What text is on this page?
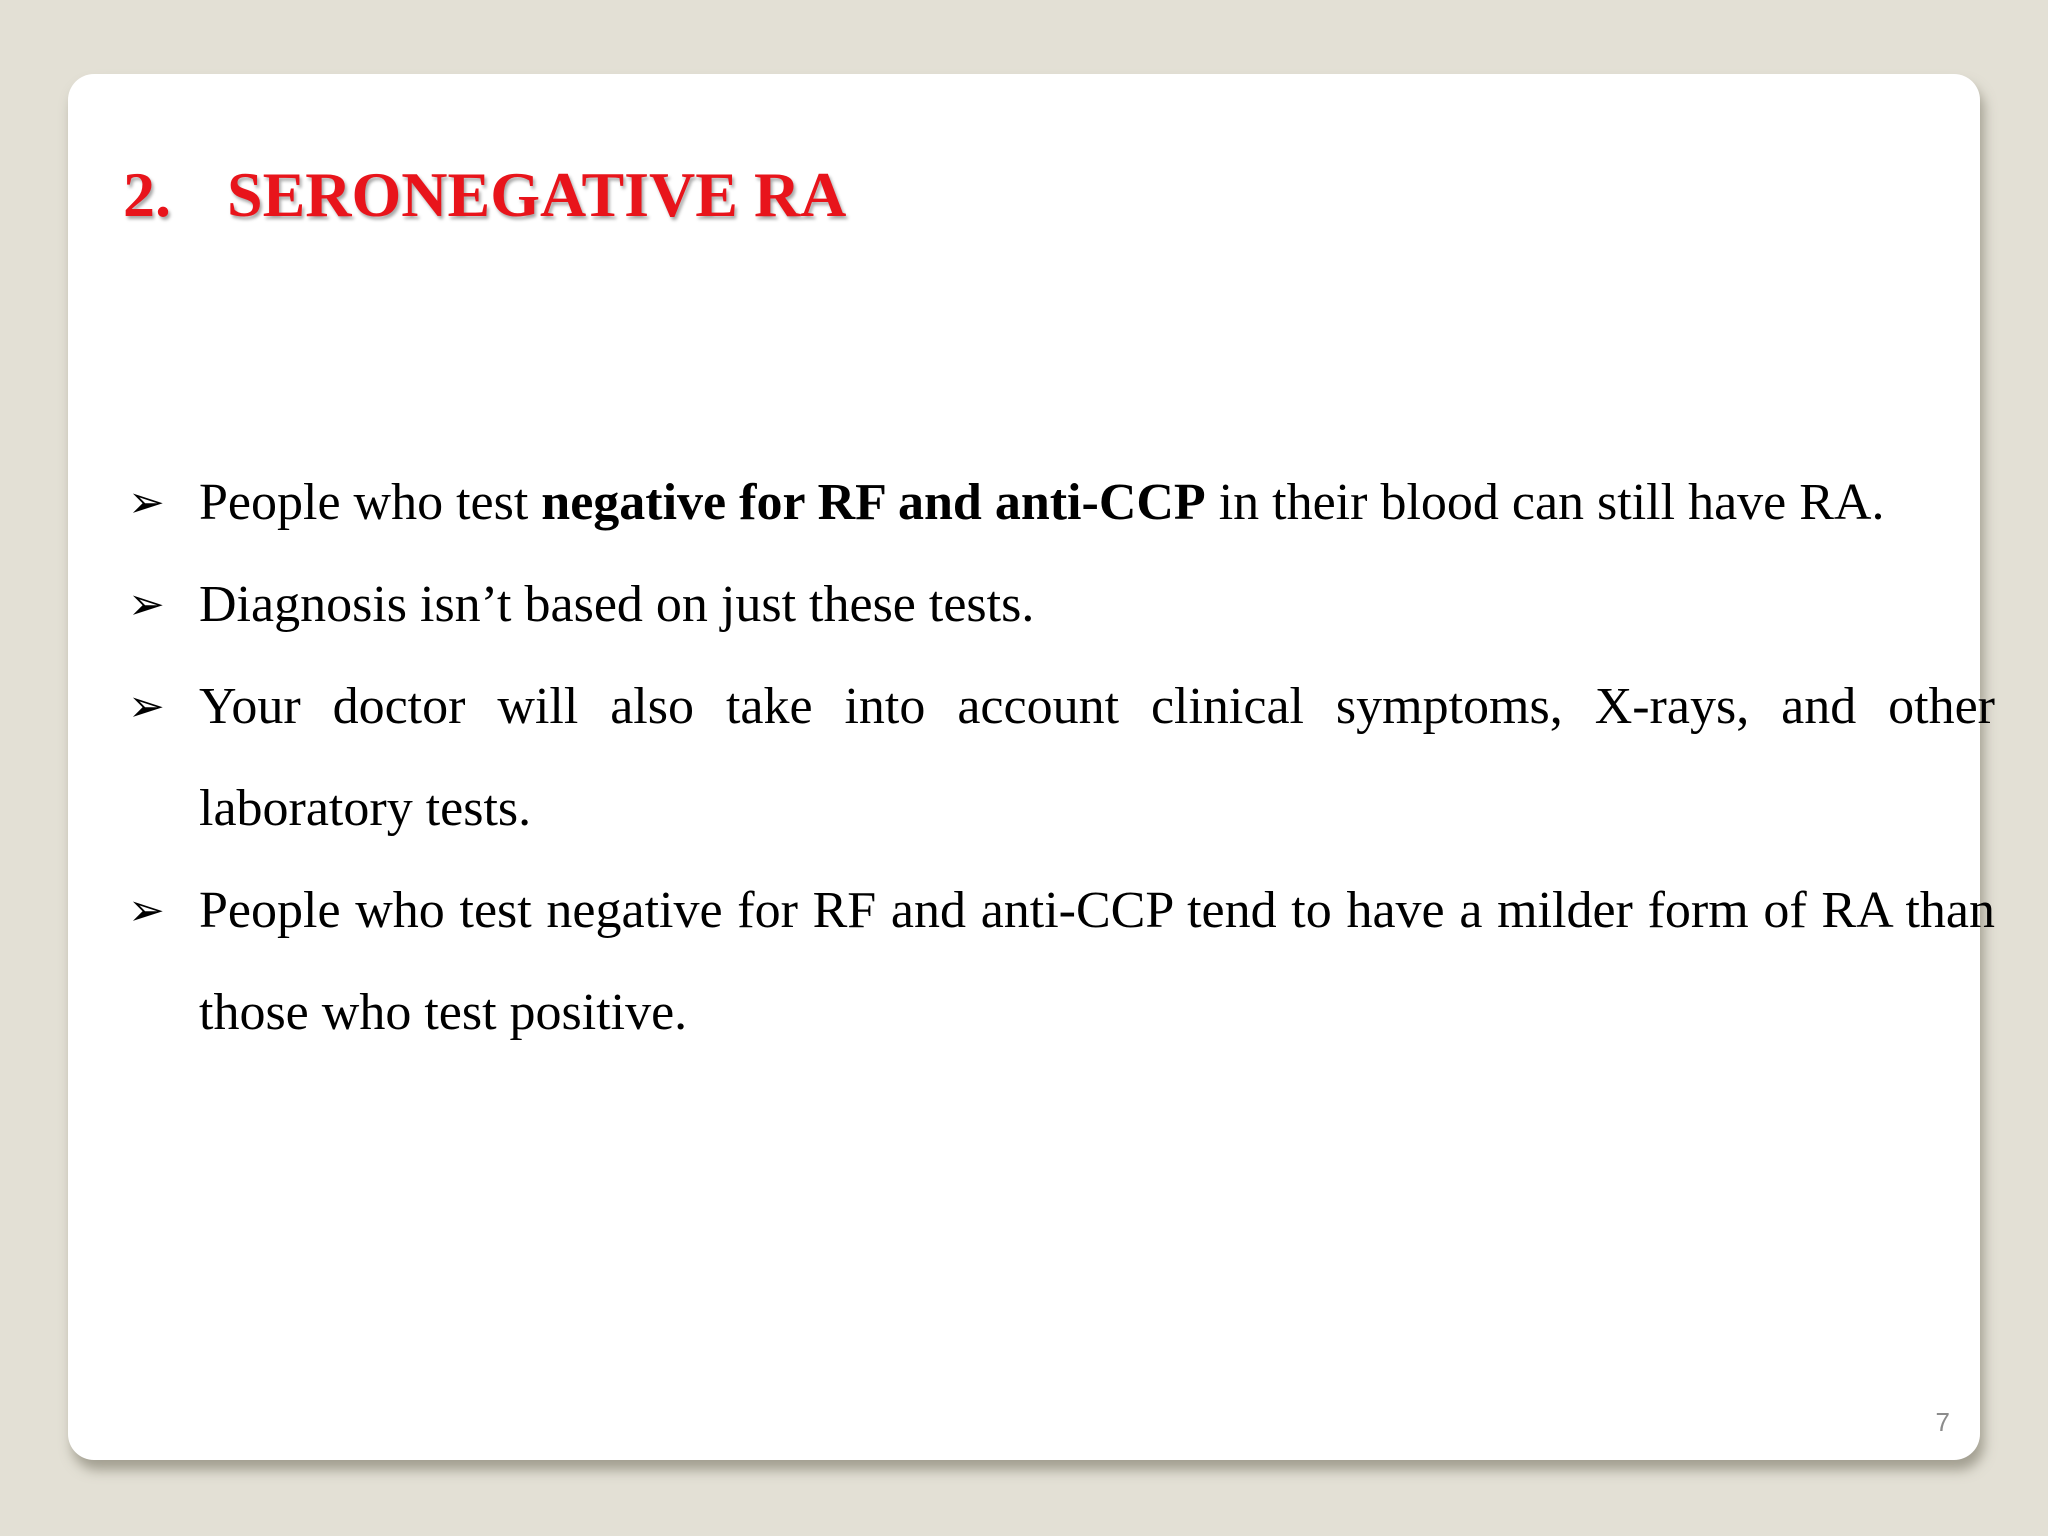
2. SERONEGATIVE RA
➢ People who test negative for RF and anti-CCP in their blood can still have RA.
➢ Diagnosis isn’t based on just these tests.
➢ Your doctor will also take into account clinical symptoms, X-rays, and other laboratory tests.
➢ People who test negative for RF and anti-CCP tend to have a milder form of RA than those who test positive.
7
